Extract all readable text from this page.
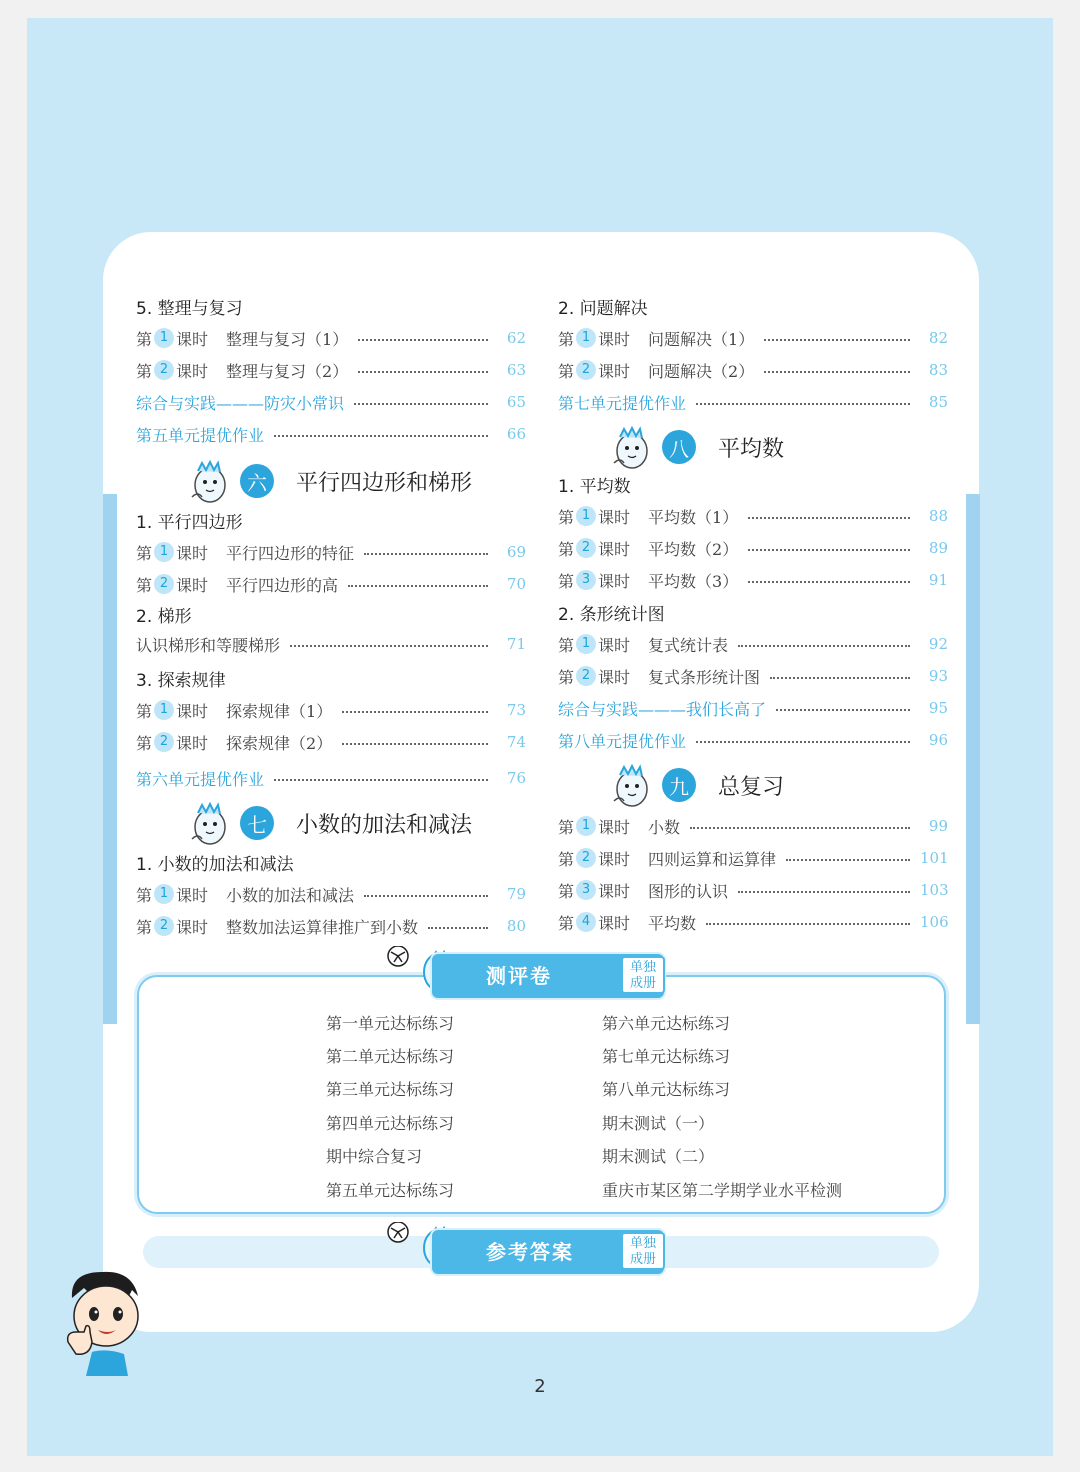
5. 整理与复习
第 1 课时 整理与复习（1）	62
第 2 课时 整理与复习（2）	63
综合与实践———防灾小常识	65
第五单元提优作业	66
六	平行四边形和梯形
1. 平行四边形
第 1 课时 平行四边形的特征	69
第 2 课时 平行四边形的高	70
2. 梯形
认识梯形和等腰梯形	71
3. 探索规律
第 1 课时 探索规律（1）	73
第 2 课时 探索规律（2）	74
第六单元提优作业	76
七	小数的加法和减法
1. 小数的加法和减法
第 1 课时 小数的加法和减法	79
第 2 课时 整数加法运算律推广到小数	80
2. 问题解决
第 1 课时 问题解决（1）	82
第 2 课时 问题解决（2）	83
第七单元提优作业	85
八	平均数
1. 平均数
第 1 课时 平均数（1）	88
第 2 课时 平均数（2）	89
第 3 课时 平均数（3）	91
2. 条形统计图
第 1 课时 复式统计表	92
第 2 课时 复式条形统计图	93
综合与实践———我们长高了	95
第八单元提优作业	96
九	总复习
第 1 课时 小数	99
第 2 课时 四则运算和运算律	101
第 3 课时 图形的认识	103
第 4 课时 平均数	106
测评卷	单独
成册
第一单元达标练习
第二单元达标练习
第三单元达标练习
第四单元达标练习
期中综合复习
第五单元达标练习
第六单元达标练习
第七单元达标练习
第八单元达标练习
期末测试（一）
期末测试（二）
重庆市某区第二学期学业水平检测
参考答案	单独
成册
2
